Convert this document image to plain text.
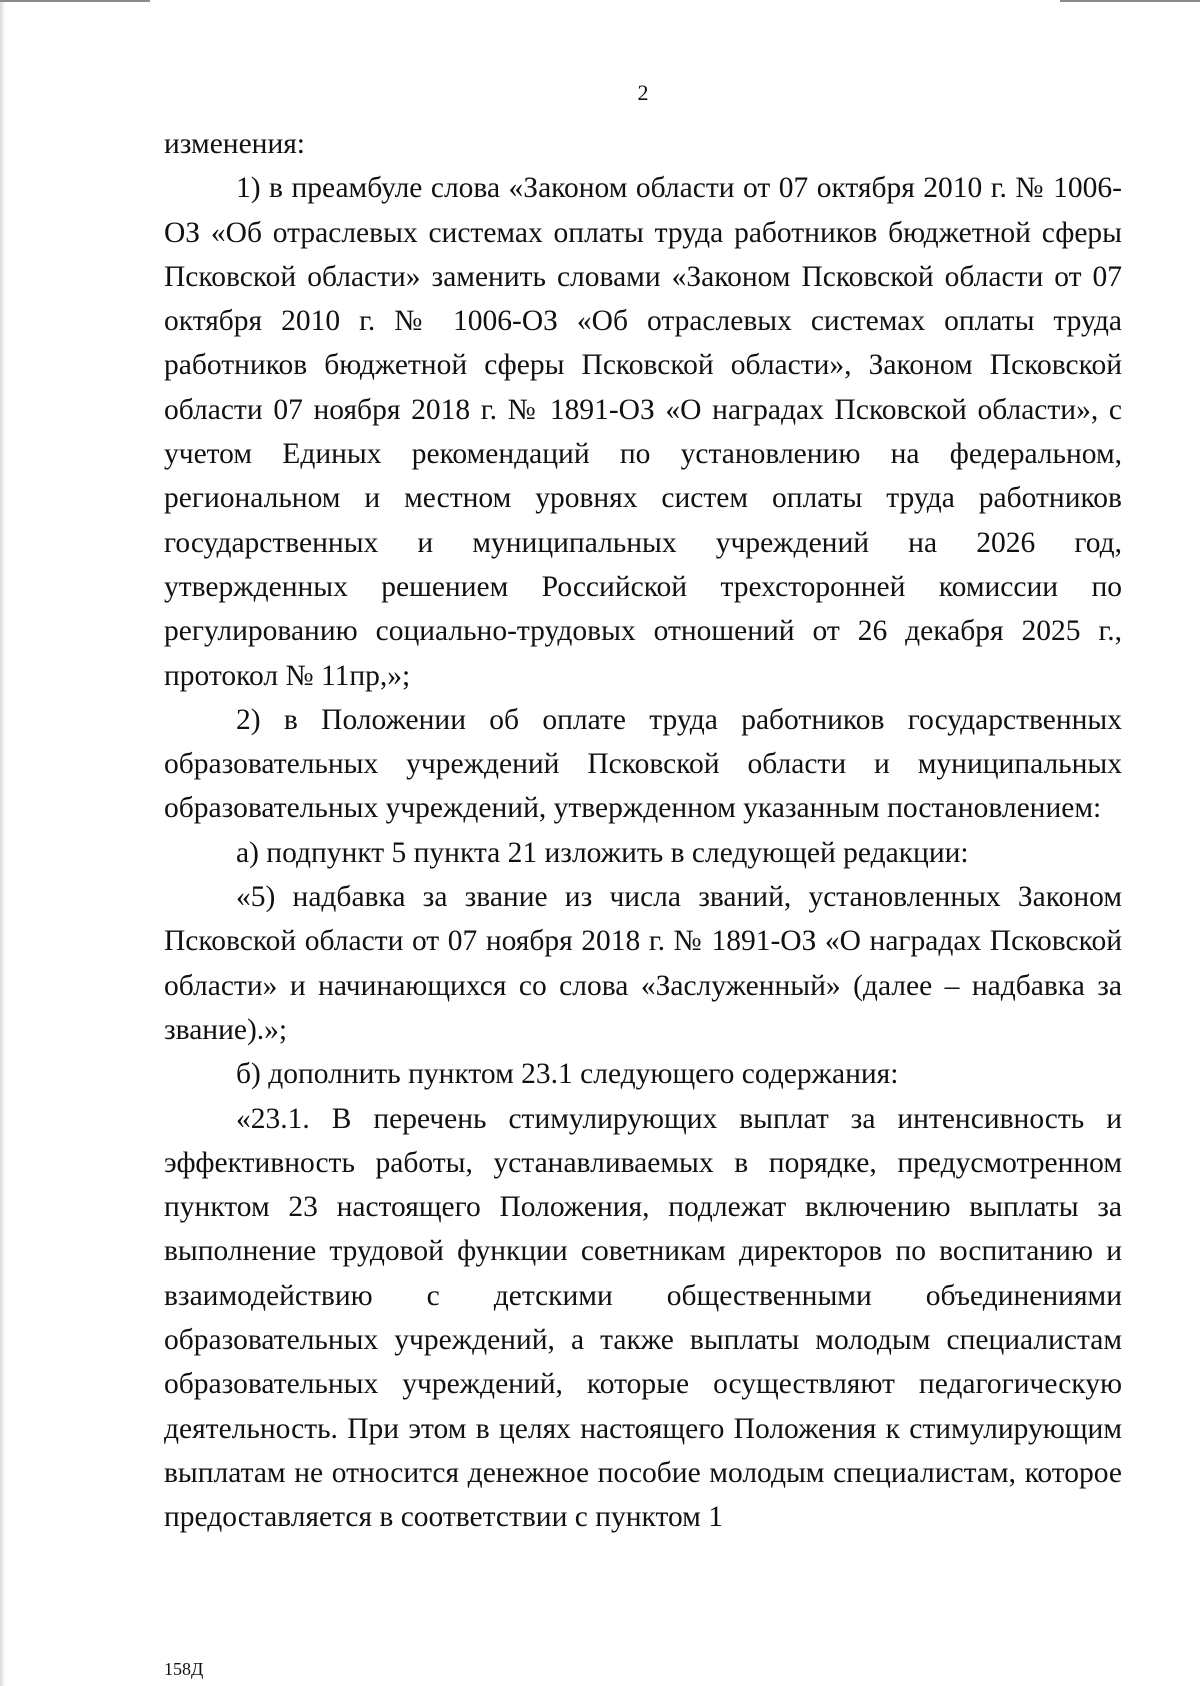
2

изменения:

1) в преамбуле слова «Законом области от 07 октября 2010 г. № 1006-ОЗ «Об отраслевых системах оплаты труда работников бюджетной сферы Псковской области» заменить словами «Законом Псковской области от 07 октября 2010 г. № 1006-ОЗ «Об отраслевых системах оплаты труда работников бюджетной сферы Псковской области», Законом Псковской области 07 ноября 2018 г. № 1891-ОЗ «О наградах Псковской области», с учетом Единых рекомендаций по установлению на федеральном, региональном и местном уровнях систем оплаты труда работников государственных и муниципальных учреждений на 2026 год, утвержденных решением Российской трехсторонней комиссии по регулированию социально-трудовых отношений от 26 декабря 2025 г., протокол № 11пр,»;

2) в Положении об оплате труда работников государственных образовательных учреждений Псковской области и муниципальных образовательных учреждений, утвержденном указанным постановлением:

а) подпункт 5 пункта 21 изложить в следующей редакции:

«5) надбавка за звание из числа званий, установленных Законом Псковской области от 07 ноября 2018 г. № 1891-ОЗ «О наградах Псковской области» и начинающихся со слова «Заслуженный» (далее – надбавка за звание).»;

б) дополнить пунктом 23.1 следующего содержания:

«23.1. В перечень стимулирующих выплат за интенсивность и эффективность работы, устанавливаемых в порядке, предусмотренном пунктом 23 настоящего Положения, подлежат включению выплаты за выполнение трудовой функции советникам директоров по воспитанию и взаимодействию с детскими общественными объединениями образовательных учреждений, а также выплаты молодым специалистам образовательных учреждений, которые осуществляют педагогическую деятельность. При этом в целях настоящего Положения к стимулирующим выплатам не относится денежное пособие молодым специалистам, которое предоставляется в соответствии с пунктом 1

158Д
